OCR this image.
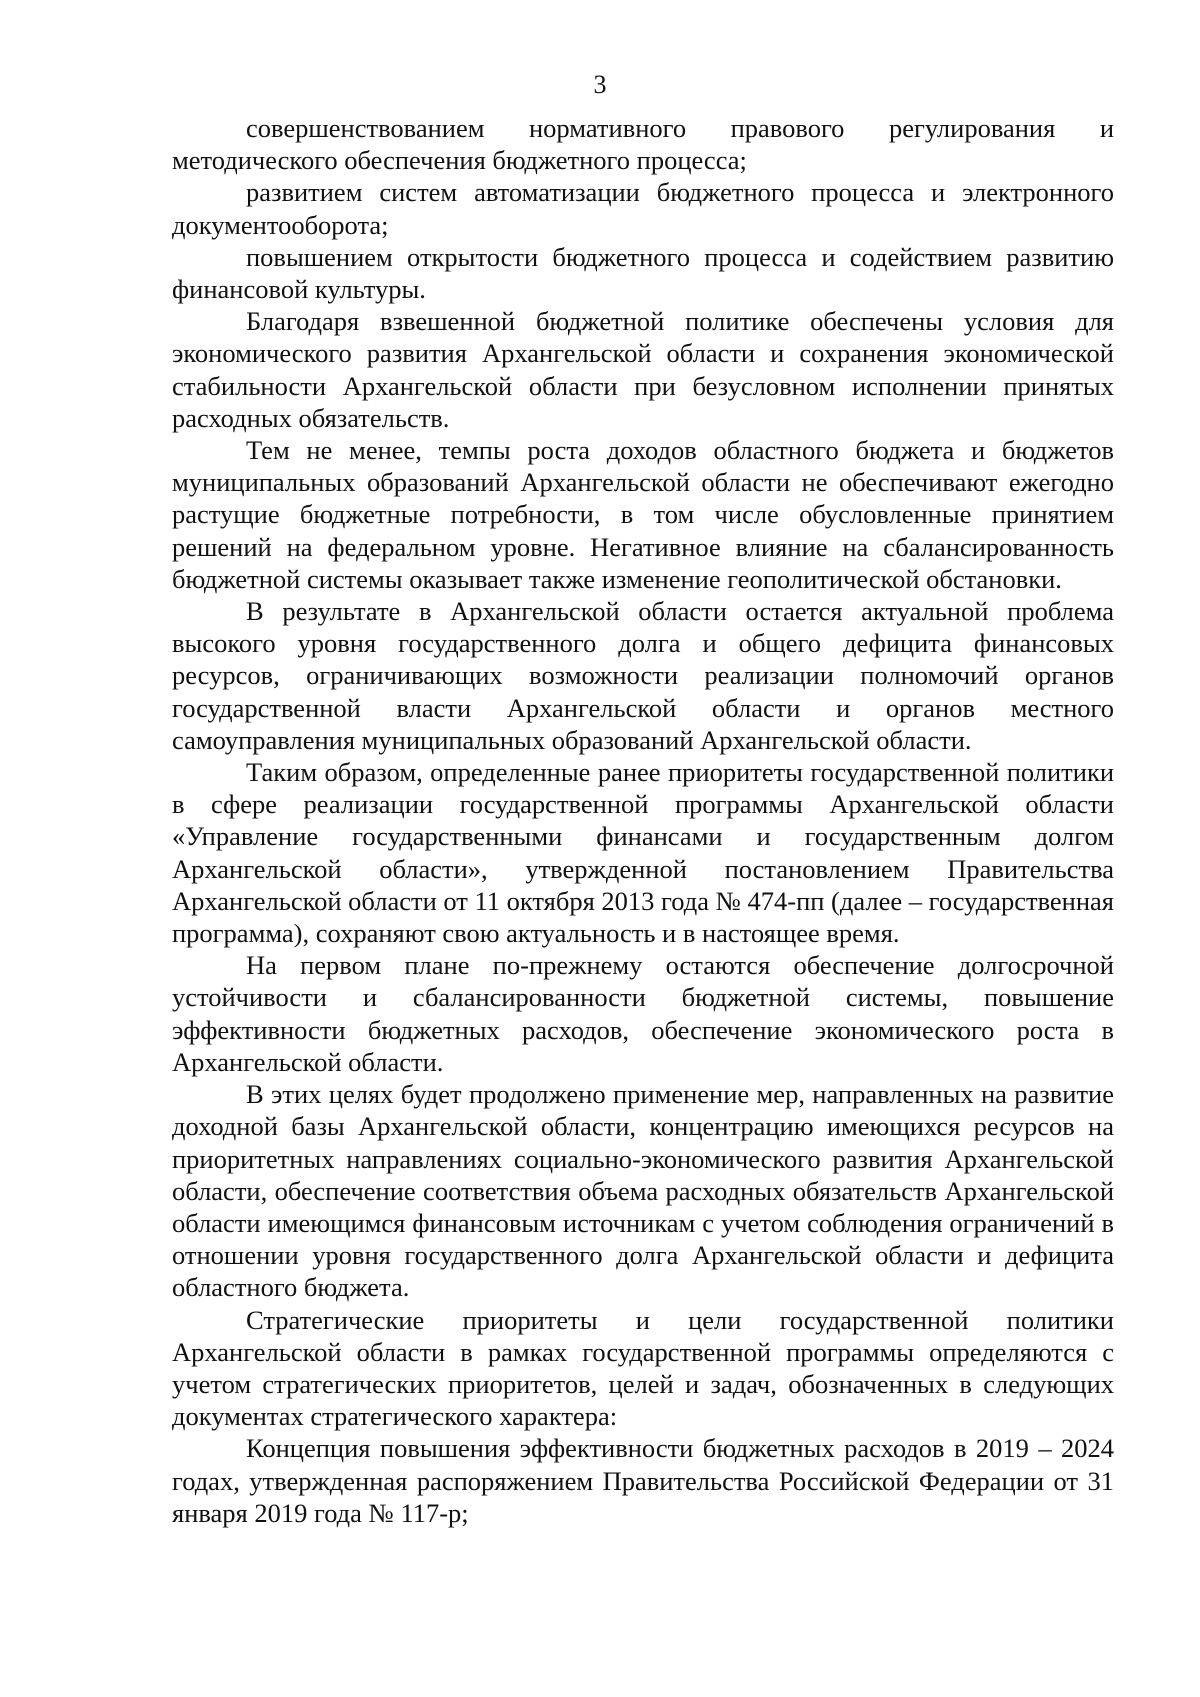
3

совершенствованием нормативного правового регулирования и методического обеспечения бюджетного процесса;

развитием систем автоматизации бюджетного процесса и электронного документооборота;

повышением открытости бюджетного процесса и содействием развитию финансовой культуры.

Благодаря взвешенной бюджетной политике обеспечены условия для экономического развития Архангельской области и сохранения экономической стабильности Архангельской области при безусловном исполнении принятых расходных обязательств.

Тем не менее, темпы роста доходов областного бюджета и бюджетов муниципальных образований Архангельской области не обеспечивают ежегодно растущие бюджетные потребности, в том числе обусловленные принятием решений на федеральном уровне. Негативное влияние на сбалансированность бюджетной системы оказывает также изменение геополитической обстановки.

В результате в Архангельской области остается актуальной проблема высокого уровня государственного долга и общего дефицита финансовых ресурсов, ограничивающих возможности реализации полномочий органов государственной власти Архангельской области и органов местного самоуправления муниципальных образований Архангельской области.

Таким образом, определенные ранее приоритеты государственной политики в сфере реализации государственной программы Архангельской области «Управление государственными финансами и государственным долгом Архангельской области», утвержденной постановлением Правительства Архангельской области от 11 октября 2013 года № 474-пп (далее – государственная программа), сохраняют свою актуальность и в настоящее время.

На первом плане по-прежнему остаются обеспечение долгосрочной устойчивости и сбалансированности бюджетной системы, повышение эффективности бюджетных расходов, обеспечение экономического роста в Архангельской области.

В этих целях будет продолжено применение мер, направленных на развитие доходной базы Архангельской области, концентрацию имеющихся ресурсов на приоритетных направлениях социально-экономического развития Архангельской области, обеспечение соответствия объема расходных обязательств Архангельской области имеющимся финансовым источникам с учетом соблюдения ограничений в отношении уровня государственного долга Архангельской области и дефицита областного бюджета.

Стратегические приоритеты и цели государственной политики Архангельской области в рамках государственной программы определяются с учетом стратегических приоритетов, целей и задач, обозначенных в следующих документах стратегического характера:

Концепция повышения эффективности бюджетных расходов в 2019 – 2024 годах, утвержденная распоряжением Правительства Российской Федерации от 31 января 2019 года № 117-р;
